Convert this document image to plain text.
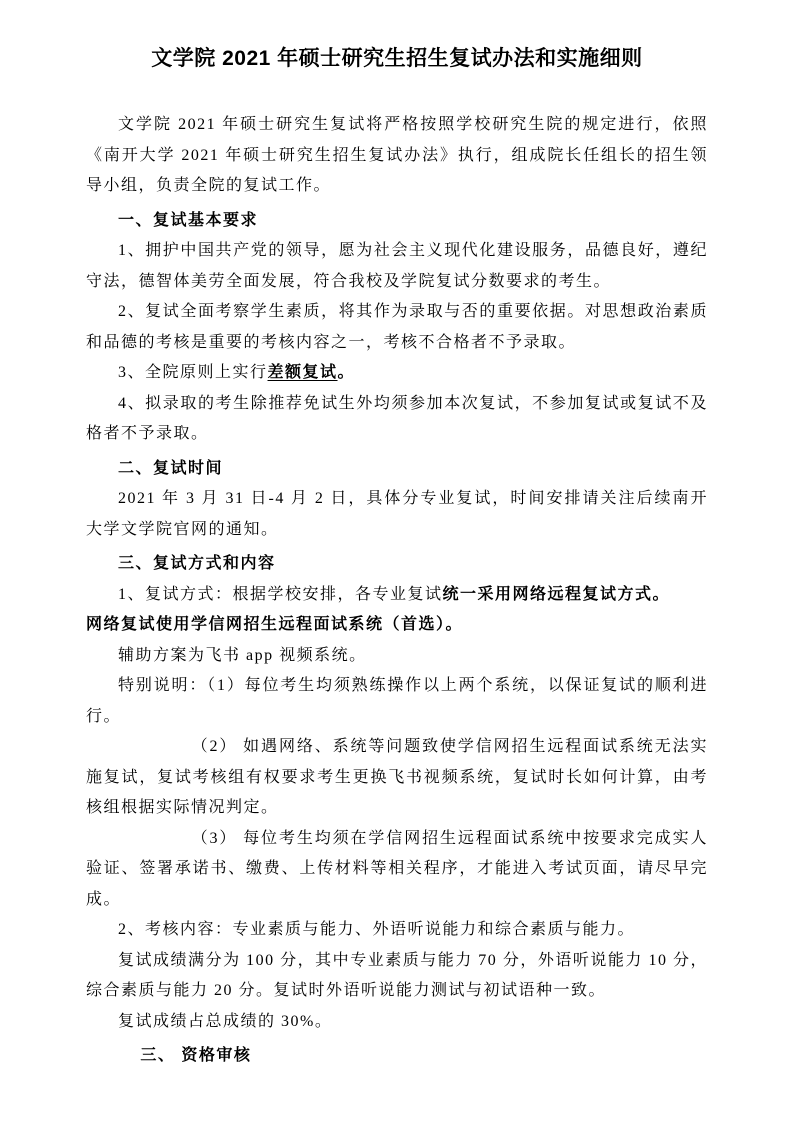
文学院 2021 年硕士研究生招生复试办法和实施细则

文学院 2021 年硕士研究生复试将严格按照学校研究生院的规定进行，依照《南开大学 2021 年硕士研究生招生复试办法》执行，组成院长任组长的招生领导小组，负责全院的复试工作。

一、复试基本要求

1、拥护中国共产党的领导，愿为社会主义现代化建设服务，品德良好，遵纪守法，德智体美劳全面发展，符合我校及学院复试分数要求的考生。

2、复试全面考察学生素质，将其作为录取与否的重要依据。对思想政治素质和品德的考核是重要的考核内容之一，考核不合格者不予录取。

3、全院原则上实行差额复试。

4、拟录取的考生除推荐免试生外均须参加本次复试，不参加复试或复试不及格者不予录取。

二、复试时间

2021 年 3 月 31 日-4 月 2 日，具体分专业复试，时间安排请关注后续南开大学文学院官网的通知。

三、复试方式和内容

1、复试方式：根据学校安排，各专业复试统一采用网络远程复试方式。
网络复试使用学信网招生远程面试系统（首选）。

辅助方案为飞书 app 视频系统。

特别说明：（1）每位考生均须熟练操作以上两个系统，以保证复试的顺利进行。

（2） 如遇网络、系统等问题致使学信网招生远程面试系统无法实施复试，复试考核组有权要求考生更换飞书视频系统，复试时长如何计算，由考核组根据实际情况判定。

（3） 每位考生均须在学信网招生远程面试系统中按要求完成实人验证、签署承诺书、缴费、上传材料等相关程序，才能进入考试页面，请尽早完成。

2、考核内容：专业素质与能力、外语听说能力和综合素质与能力。

复试成绩满分为 100 分，其中专业素质与能力 70 分，外语听说能力 10 分，综合素质与能力 20 分。复试时外语听说能力测试与初试语种一致。

复试成绩占总成绩的 30%。

三、 资格审核
